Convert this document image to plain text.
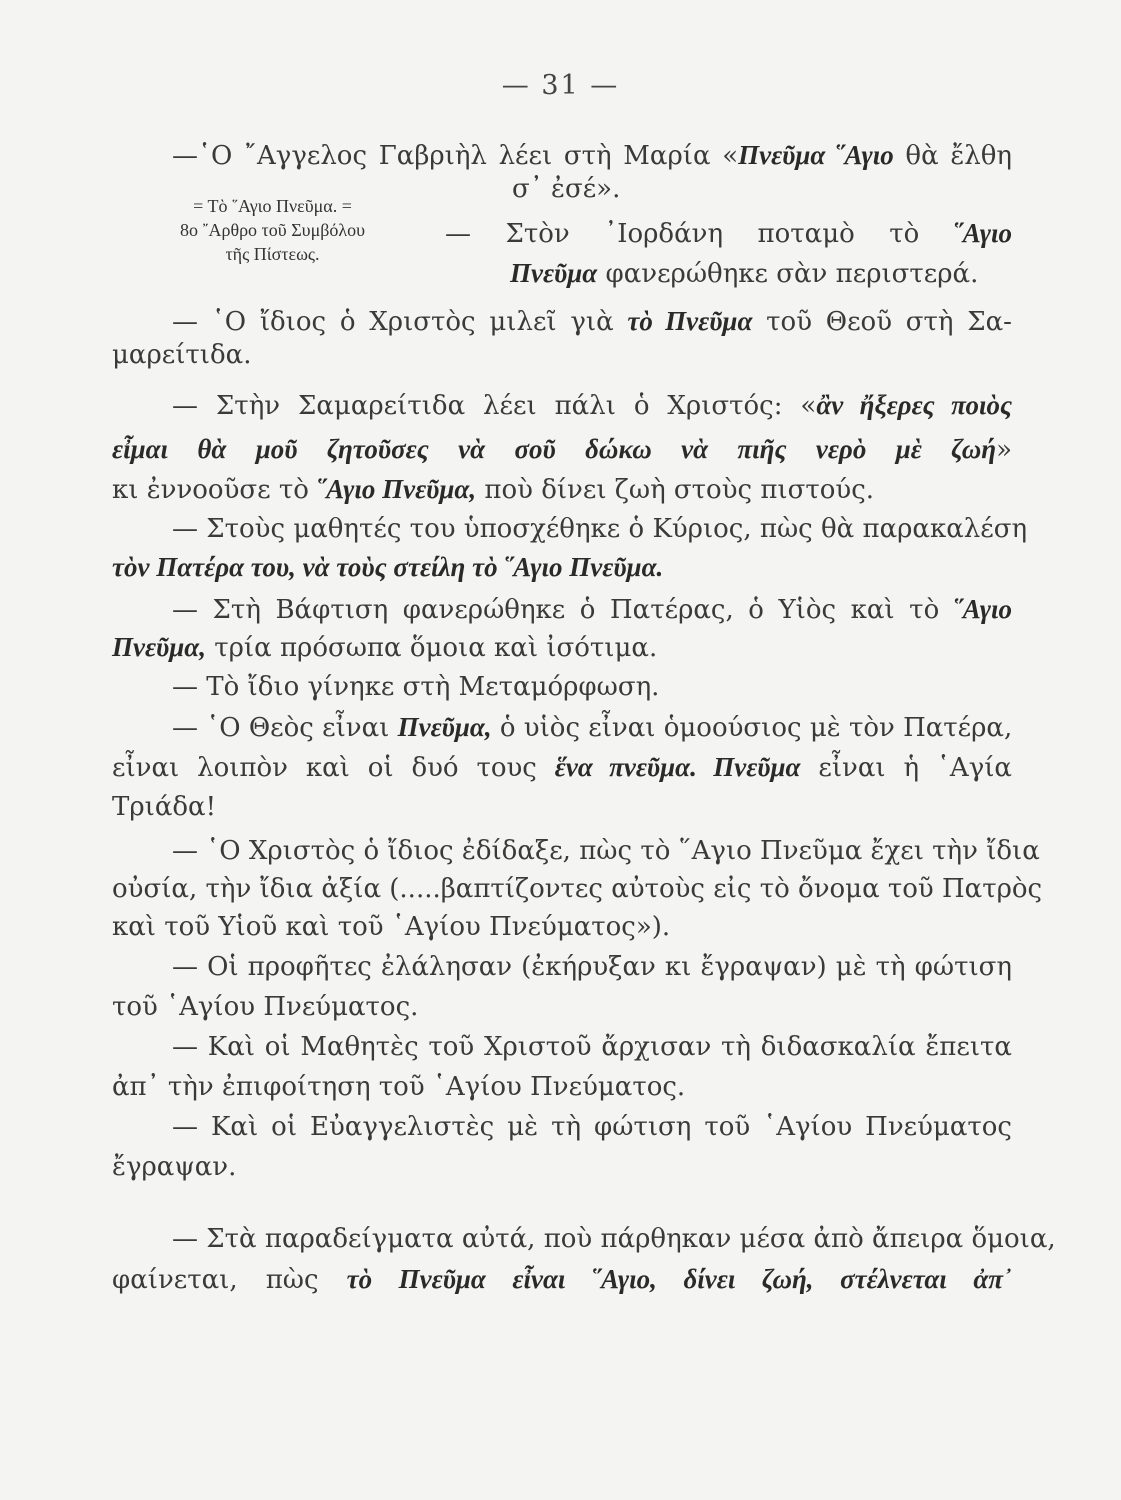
— 31 —
= Τὸ ῞Αγιο Πνεῦμα. =
8ο ῎Αρθρο τοῦ Συμβόλου
τῆς Πίστεως.
—῾Ο ῎Αγγελος Γαβριὴλ λέει στὴ Μαρία «Πνεῦμα ῞Αγιο θὰ ἔλθη
σ᾽ ἐσέ».
— Στὸν ᾿Ιορδάνη ποταμὸ τὸ ῞Αγιο
Πνεῦμα φανερώθηκε σὰν περιστερά.
— ῾Ο ἴδιος ὁ Χριστὸς μιλεῖ γιὰ τὸ Πνεῦμα τοῦ Θεοῦ στὴ Σα-
μαρείτιδα.
— Στὴν Σαμαρείτιδα λέει πάλι ὁ Χριστός: «ἂν ἤξερες ποιὸς
εἶμαι θὰ μοῦ ζητοῦσες νὰ σοῦ δώκω νὰ πιῆς νερὸ μὲ ζωή»
κι ἐννοοῦσε τὸ ῞Αγιο Πνεῦμα, ποὺ δίνει ζωὴ στοὺς πιστούς.
— Στοὺς μαθητές του ὑποσχέθηκε ὁ Κύριος, πὼς θὰ παρακαλέση
τὸν Πατέρα του, νὰ τοὺς στείλη τὸ ῞Αγιο Πνεῦμα.
— Στὴ Βάφτιση φανερώθηκε ὁ Πατέρας, ὁ Υἱὸς καὶ τὸ ῞Αγιο
Πνεῦμα, τρία πρόσωπα ὅμοια καὶ ἰσότιμα.
— Τὸ ἴδιο γίνηκε στὴ Μεταμόρφωση.
— ῾Ο Θεὸς εἶναι Πνεῦμα, ὁ υἱὸς εἶναι ὁμοούσιος μὲ τὸν Πατέρα,
εἶναι λοιπὸν καὶ οἱ δυό τους ἕνα πνεῦμα. Πνεῦμα εἶναι ἡ ῾Αγία
Τριάδα!
— ῾Ο Χριστὸς ὁ ἴδιος ἐδίδαξε, πὼς τὸ ῞Αγιο Πνεῦμα ἔχει τὴν ἴδια
οὐσία, τὴν ἴδια ἀξία (.....βαπτίζοντες αὐτοὺς εἰς τὸ ὄνομα τοῦ Πατρὸς
καὶ τοῦ Υἱοῦ καὶ τοῦ ῾Αγίου Πνεύματος»).
— Οἱ προφῆτες ἐλάλησαν (ἐκήρυξαν κι ἔγραψαν) μὲ τὴ φώτιση
τοῦ ῾Αγίου Πνεύματος.
— Καὶ οἱ Μαθητὲς τοῦ Χριστοῦ ἄρχισαν τὴ διδασκαλία ἔπειτα
ἀπ᾽ τὴν ἐπιφοίτηση τοῦ ῾Αγίου Πνεύματος.
— Καὶ οἱ Εὐαγγελιστὲς μὲ τὴ φώτιση τοῦ ῾Αγίου Πνεύματος
ἔγραψαν.
— Στὰ παραδείγματα αὐτά, ποὺ πάρθηκαν μέσα ἀπὸ ἄπειρα ὅμοια,
φαίνεται, πὼς τὸ Πνεῦμα εἶναι ῞Αγιο, δίνει ζωή, στέλνεται ἀπ᾽
